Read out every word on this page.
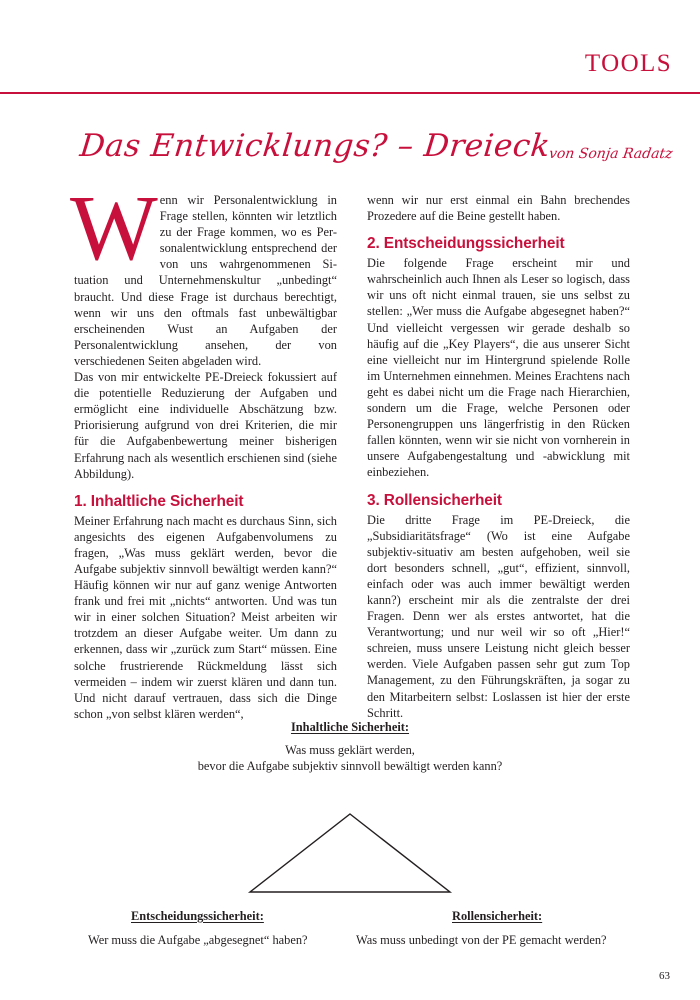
TOOLS
Das Entwicklungs? – Dreieck
von Sonja Radatz

Wenn wir Personalentwicklung in Frage stellen, könnten wir letztlich zu der Frage kommen, wo es Per-sonalentwicklung entsprechend der von uns wahrgenommenen Si-tuation und Unternehmenskultur „unbedingt“ braucht. Und diese Frage ist durchaus berechtigt, wenn wir uns den oftmals fast unbewältigbar erscheinenden Wust an Aufgaben der Personalentwicklung ansehen, der von verschiedenen Seiten abgeladen wird.

Das von mir entwickelte PE-Dreieck fokussiert auf die potentielle Reduzierung der Aufgaben und ermöglicht eine individuelle Abschätzung bzw. Priorisierung aufgrund von drei Kriterien, die mir für die Aufgabenbewertung meiner bisherigen Erfahrung nach als wesentlich erschienen sind (siehe Abbildung).

1. Inhaltliche Sicherheit

Meiner Erfahrung nach macht es durchaus Sinn, sich angesichts des eigenen Aufgabenvolumens zu fragen, „Was muss geklärt werden, bevor die Aufgabe subjektiv sinnvoll bewältigt werden kann?“ Häufig können wir nur auf ganz wenige Antworten frank und frei mit „nichts“ antworten. Und was tun wir in einer solchen Situation? Meist arbeiten wir trotzdem an dieser Aufgabe weiter. Um dann zu erkennen, dass wir „zurück zum Start“ müssen. Eine solche frustrierende Rückmeldung lässt sich vermeiden – indem wir zuerst klären und dann tun. Und nicht darauf vertrauen, dass sich die Dinge schon „von selbst klären werden“,

wenn wir nur erst einmal ein Bahn brechendes Prozedere auf die Beine gestellt haben.

2. Entscheidungssicherheit

Die folgende Frage erscheint mir und wahrscheinlich auch Ihnen als Leser so logisch, dass wir uns oft nicht einmal trauen, sie uns selbst zu stellen: „Wer muss die Aufgabe abgesegnet haben?“ Und vielleicht vergessen wir gerade deshalb so häufig auf die „Key Players“, die aus unserer Sicht eine vielleicht nur im Hintergrund spielende Rolle im Unternehmen einnehmen. Meines Erachtens nach geht es dabei nicht um die Frage nach Hierarchien, sondern um die Frage, welche Personen oder Personengruppen uns längerfristig in den Rücken fallen könnten, wenn wir sie nicht von vornherein in unsere Aufgabengestaltung und -abwicklung mit einbeziehen.

3. Rollensicherheit

Die dritte Frage im PE-Dreieck, die „Subsidiaritätsfrage“ (Wo ist eine Aufgabe subjektiv-situativ am besten aufgehoben, weil sie dort besonders schnell, „gut“, effizient, sinnvoll, einfach oder was auch immer bewältigt werden kann?) erscheint mir als die zentralste der drei Fragen. Denn wer als erstes antwortet, hat die Verantwortung; und nur weil wir so oft „Hier!“ schreien, muss unsere Leistung nicht gleich besser werden. Viele Aufgaben passen sehr gut zum Top Management, zu den Führungskräften, ja sogar zu den Mitarbeitern selbst: Loslassen ist hier der erste Schritt.

Inhaltliche Sicherheit:
Was muss geklärt werden,
bevor die Aufgabe subjektiv sinnvoll bewältigt werden kann?
Entscheidungssicherheit:
Wer muss die Aufgabe „abgesegnet“ haben?
Rollensicherheit:
Was muss unbedingt von der PE gemacht werden?
63
